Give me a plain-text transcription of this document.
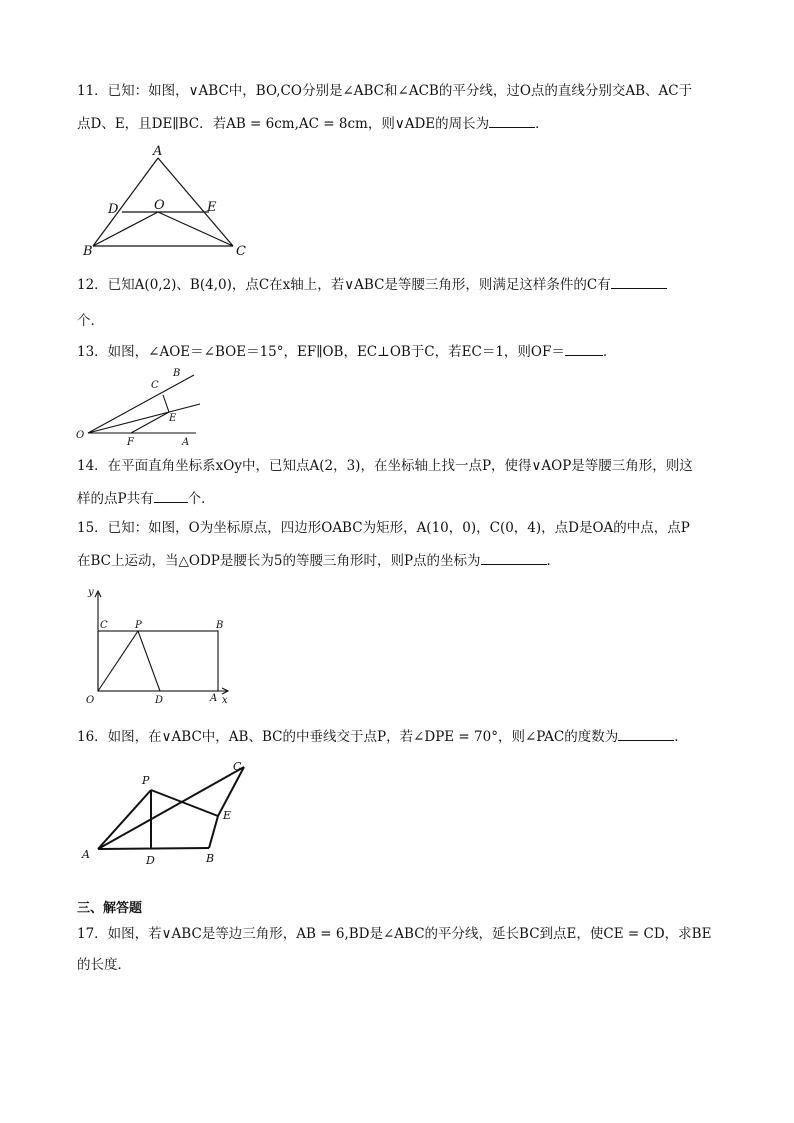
11．已知：如图，∨ABC中，BO,CO分别是∠ABC和∠ACB的平分线，过O点的直线分别交AB、AC于
点D、E，且DE∥BC．若AB = 6cm,AC = 8cm，则∨ADE的周长为	．
A
D	O	E
B	C
12．已知A(0,2)、B(4,0)，点C在x轴上，若∨ABC是等腰三角形，则满足这样条件的C有
个．
13．如图，∠AOE＝∠BOE＝15°，EF∥OB，EC⊥OB于C，若EC＝1，则OF＝	．
O
C
B
E
F	A
14．在平面直角坐标系xOy中，已知点A(2，3)，在坐标轴上找一点P，使得∨AOP是等腰三角形，则这
样的点P共有	个．
15．已知：如图，O为坐标原点，四边形OABC为矩形，A(10，0)，C(0，4)，点D是OA的中点，点P
在BC上运动，当△ODP是腰长为5的等腰三角形时，则P点的坐标为	．
y
C	P	B
O	D	A x
16．如图，在∨ABC中，AB、BC的中垂线交于点P，若∠DPE = 70°，则∠PAC的度数为	．
P
C
E
A	D	B
三、解答题
17．如图，若∨ABC是等边三角形，AB = 6,BD是∠ABC的平分线，延长BC到点E，使CE = CD，求BE
的长度．
